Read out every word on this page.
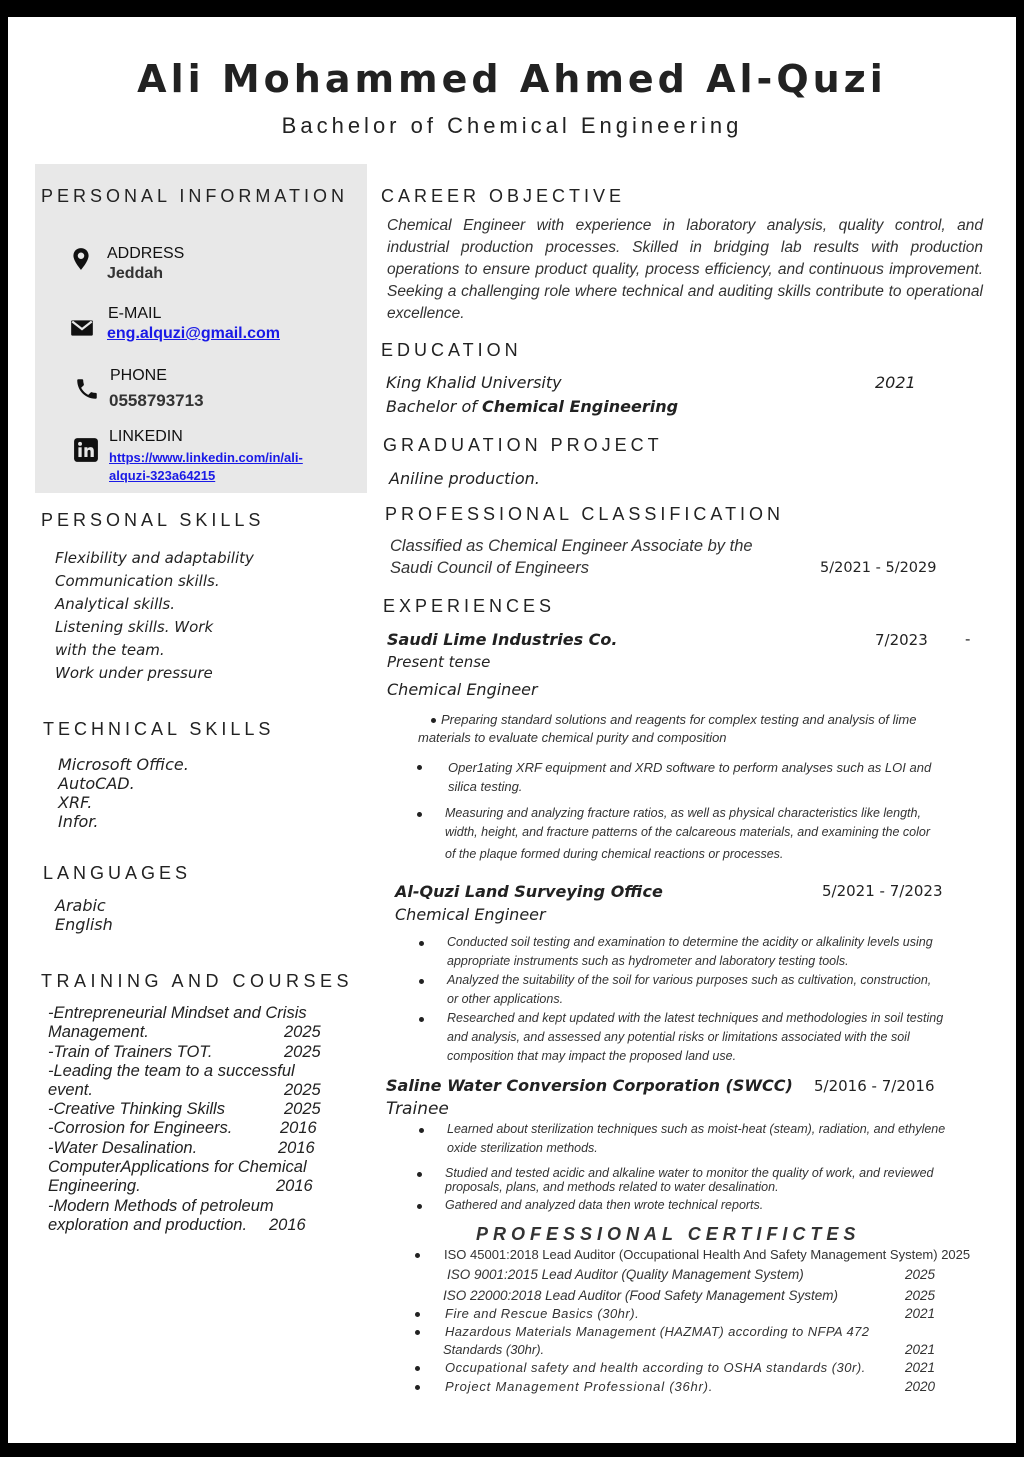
Ali Mohammed Ahmed Al-Quzi
Bachelor of Chemical Engineering
PERSONAL INFORMATION
ADDRESS
Jeddah
E-MAIL
eng.alquzi@gmail.com
PHONE
0558793713
LINKEDIN
https://www.linkedin.com/in/ali-
alquzi-323a64215
PERSONAL SKILLS
Flexibility and adaptability
Communication skills.
Analytical skills.
Listening skills. Work
with the team.
Work under pressure
TECHNICAL SKILLS
Microsoft Office.
AutoCAD.
XRF.
Infor.
LANGUAGES
Arabic
English
TRAINING AND COURSES
-Entrepreneurial Mindset and Crisis
Management.	2025
-Train of Trainers TOT.	2025
-Leading the team to a successful
event.	2025
-Creative Thinking Skills	2025
-Corrosion for Engineers.	2016
-Water Desalination.	2016
ComputerApplications for Chemical
Engineering.	2016
-Modern Methods of petroleum
exploration and production. 2016
CAREER OBJECTIVE
Chemical Engineer with experience in laboratory analysis, quality control, and industrial production processes. Skilled in bridging lab results with production operations to ensure product quality, process efficiency, and continuous improvement. Seeking a challenging role where technical and auditing skills contribute to operational excellence.
EDUCATION
King Khalid University	2021
Bachelor of Chemical Engineering
GRADUATION PROJECT
Aniline production.
PROFESSIONAL CLASSIFICATION
Classified as Chemical Engineer Associate by the
Saudi Council of Engineers	5/2021 - 5/2029
EXPERIENCES
Saudi Lime Industries Co.	7/2023 -
Present tense
Chemical Engineer
Preparing standard solutions and reagents for complex testing and analysis of lime
materials to evaluate chemical purity and composition
Oper1ating XRF equipment and XRD software to perform analyses such as LOI and
silica testing.
Measuring and analyzing fracture ratios, as well as physical characteristics like length,
width, height, and fracture patterns of the calcareous materials, and examining the color
of the plaque formed during chemical reactions or processes.
Al-Quzi Land Surveying Office	5/2021 - 7/2023
Chemical Engineer
Conducted soil testing and examination to determine the acidity or alkalinity levels using
appropriate instruments such as hydrometer and laboratory testing tools.
Analyzed the suitability of the soil for various purposes such as cultivation, construction,
or other applications.
Researched and kept updated with the latest techniques and methodologies in soil testing
and analysis, and assessed any potential risks or limitations associated with the soil
composition that may impact the proposed land use.
Saline Water Conversion Corporation (SWCC) 5/2016 - 7/2016
Trainee
Learned about sterilization techniques such as moist-heat (steam), radiation, and ethylene
oxide sterilization methods.
Studied and tested acidic and alkaline water to monitor the quality of work, and reviewed
proposals, plans, and methods related to water desalination.
Gathered and analyzed data then wrote technical reports.
PROFESSIONAL CERTIFICTES
ISO 45001:2018 Lead Auditor (Occupational Health And Safety Management System) 2025
ISO 9001:2015 Lead Auditor (Quality Management System)	2025
ISO 22000:2018 Lead Auditor (Food Safety Management System)	2025
Fire and Rescue Basics (30hr).	2021
Hazardous Materials Management (HAZMAT) according to NFPA 472
Standards (30hr).	2021
Occupational safety and health according to OSHA standards (30r).	2021
Project Management Professional (36hr).	2020
